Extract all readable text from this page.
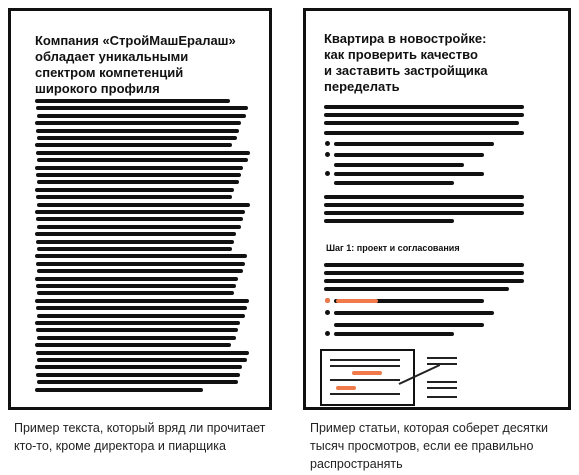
Компания «СтройМашЕралаш»
обладает уникальными
спектром компетенций
широкого профиля
Квартира в новостройке:
как проверить качество
и заставить застройщика
переделать
Шаг 1: проект и согласования
Пример текста, который вряд ли прочитает
кто-то, кроме директора и пиарщика
Пример статьи, которая соберет десятки
тысяч просмотров, если ее правильно
распространять
